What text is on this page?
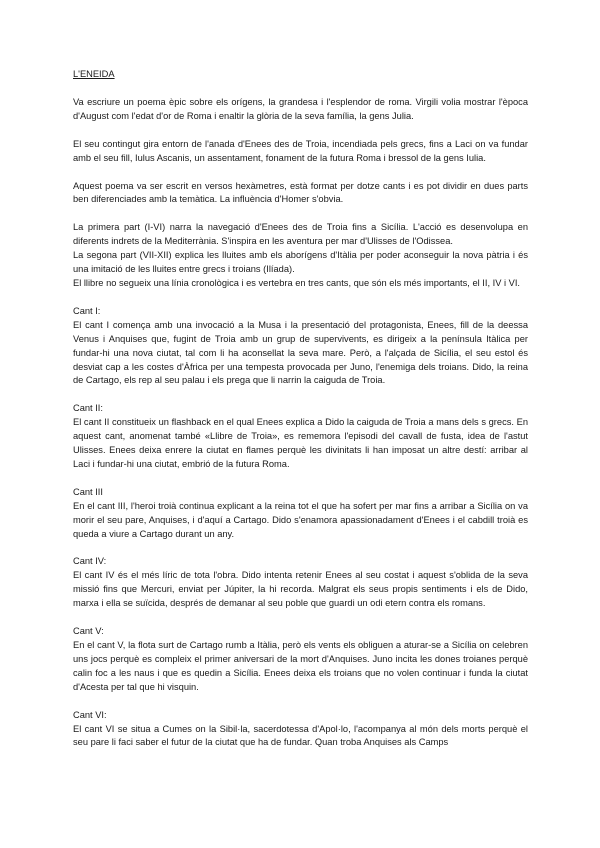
L'ENEIDA

Va escriure un poema èpic sobre els orígens, la grandesa i l'esplendor de roma. Virgili volia mostrar l'època d'August com l'edat d'or de Roma i enaltir la glòria de la seva família, la gens Julia.

El seu contingut gira entorn de l'anada d'Enees des de Troia, incendiada pels grecs, fins a Laci on va fundar amb el seu fill, Iulus Ascanis, un assentament, fonament de la futura Roma i bressol de la gens Iulia.

Aquest poema va ser escrit en versos hexàmetres, està format per dotze cants i es pot dividir en dues parts ben diferenciades amb la temàtica. La influència d'Homer s'obvia.

La primera part (I-VI) narra la navegació d'Enees des de Troia fins a Sicília. L'acció es desenvolupa en diferents indrets de la Mediterrània. S'inspira en les aventura per mar d'Ulisses de l'Odissea.

La segona part (VII-XII) explica les lluites amb els aborígens d'Itàlia per poder aconseguir la nova pàtria i és una imitació de les lluites entre grecs i troians (Ilíada).

El llibre no segueix una línia cronològica i es vertebra en tres cants, que són els més importants, el II, IV i VI.

Cant I:

El cant I comença amb una invocació a la Musa i la presentació del protagonista, Enees, fill de la deessa Venus i Anquises que, fugint de Troia amb un grup de supervivents, es dirigeix a la península Itàlica per fundar-hi una nova ciutat, tal com li ha aconsellat la seva mare. Però, a l'alçada de Sicília, el seu estol és desviat cap a les costes d'Àfrica per una tempesta provocada per Juno, l'enemiga dels troians. Dido, la reina de Cartago, els rep al seu palau i els prega que li narrin la caiguda de Troia.

Cant II:

El cant II constitueix un flashback en el qual Enees explica a Dido la caiguda de Troia a mans dels s grecs. En aquest cant, anomenat també «Llibre de Troia», es rememora l'episodi del cavall de fusta, idea de l'astut Ulisses. Enees deixa enrere la ciutat en flames perquè les divinitats li han imposat un altre destí: arribar al Laci i fundar-hi una ciutat, embrió de la futura Roma.

Cant III

En el cant III, l'heroi troià continua explicant a la reina tot el que ha sofert per mar fins a arribar a Sicília on va morir el seu pare, Anquises, i d'aquí a Cartago. Dido s'enamora apassionadament d'Enees i el cabdill troià es queda a viure a Cartago durant un any.

Cant IV:

El cant IV és el més líric de tota l'obra. Dido intenta retenir Enees al seu costat i aquest s'oblida de la seva missió fins que Mercuri, enviat per Júpiter, la hi recorda. Malgrat els seus propis sentiments i els de Dido, marxa i ella se suïcida, després de demanar al seu poble que guardi un odi etern contra els romans.

Cant V:

En el cant V, la flota surt de Cartago rumb a Itàlia, però els vents els obliguen a aturar-se a Sicília on celebren uns jocs perquè es compleix el primer aniversari de la mort d'Anquises. Juno incita les dones troianes perquè calin foc a les naus i que es quedin a Sicília. Enees deixa els troians que no volen continuar i funda la ciutat d'Acesta per tal que hi visquin.

Cant VI:

El cant VI se situa a Cumes on la Sibil·la, sacerdotessa d'Apol·lo, l'acompanya al món dels morts perquè el seu pare li faci saber el futur de la ciutat que ha de fundar. Quan troba Anquises als Camps
